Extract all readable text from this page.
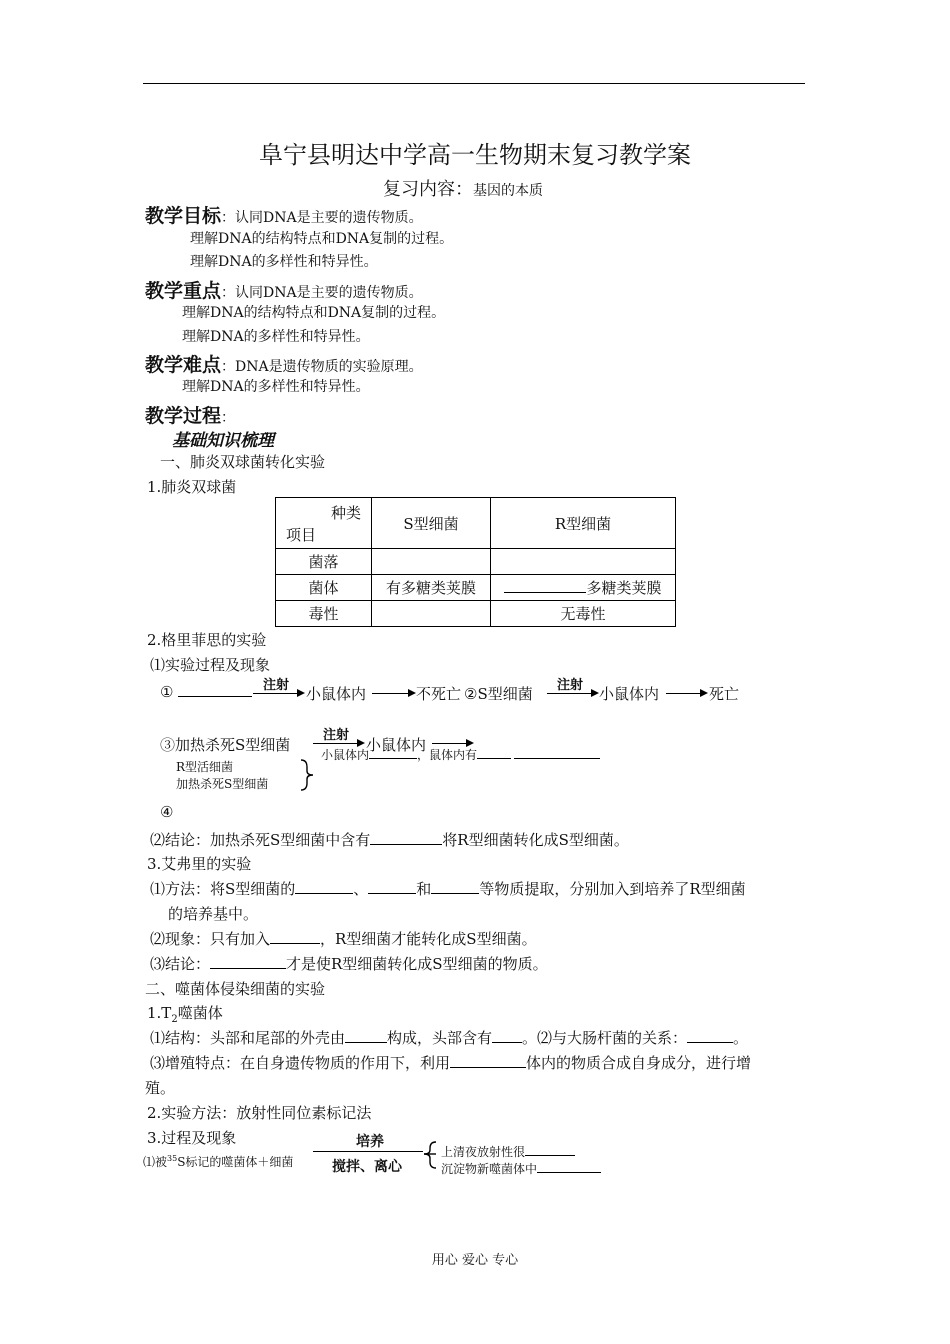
阜宁县明达中学高一生物期末复习教学案
复习内容：基因的本质
教学目标：认同DNA是主要的遗传物质。
理解DNA的结构特点和DNA复制的过程。
理解DNA的多样性和特异性。
教学重点：认同DNA是主要的遗传物质。
理解DNA的结构特点和DNA复制的过程。
理解DNA的多样性和特异性。
教学难点：DNA是遗传物质的实验原理。
理解DNA的多样性和特异性。
教学过程：
基础知识梳理
一、肺炎双球菌转化实验
1.肺炎双球菌
种类
项目	S型细菌	R型细菌
菌落		
菌体	有多糖类荚膜	多糖类荚膜
毒性		无毒性
2.格里菲思的实验
⑴实验过程及现象
①	注射 小鼠体内	不死亡 ②S型细菌 注射 小鼠体内	死亡
③加热杀死S型细菌
注射
小鼠体内
小鼠体内	，鼠体内有
R型活细菌
加热杀死S型细菌
④
⑵结论：加热杀死S型细菌中含有	将R型细菌转化成S型细菌。
3.艾弗里的实验
⑴方法：将S型细菌的	、	和	等物质提取，分别加入到培养了R型细菌
的培养基中。
⑵现象：只有加入	，R型细菌才能转化成S型细菌。
⑶结论：	才是使R型细菌转化成S型细菌的物质。
二、噬菌体侵染细菌的实验
$1.T_2$噬菌体
⑴结构：头部和尾部的外壳由	构成，头部含有 。⑵与大肠杆菌的关系：	。
⑶增殖特点：在自身遗传物质的作用下，利用	体内的物质合成自身成分，进行增
殖。
2.实验方法：放射性同位素标记法
3.过程及现象	培养
⑴被$^{35}$S标记的噬菌体＋细菌	搅拌、离心
上清夜放射性很
沉淀物新噬菌体中
用心 爱心 专心
